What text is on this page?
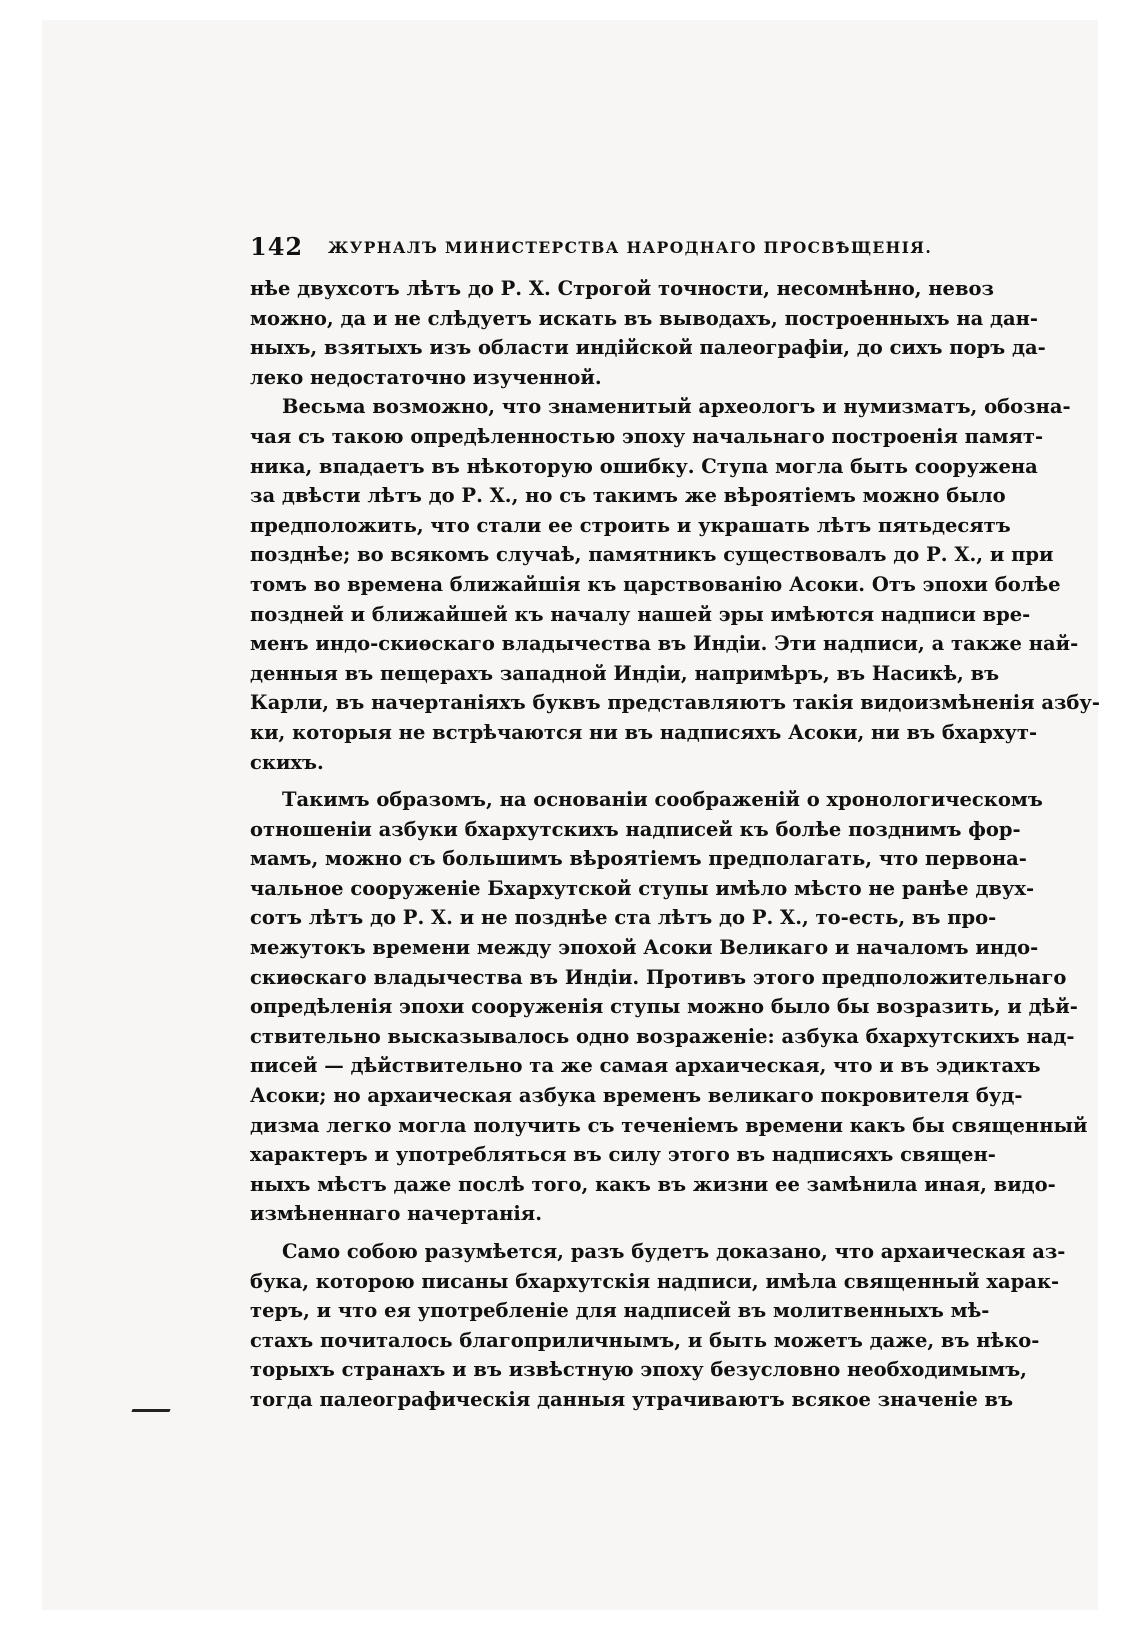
142 ЖУРНАЛЪ МИНИСТЕРСТВА НАРОДНАГО ПРОСВѢЩЕНІЯ.
нѣе двухсотъ лѣтъ до Р. Х. Строгой точности, несомнѣнно, невоз
можно, да и не слѣдуетъ искать въ выводахъ, построенныхъ на дан-
ныхъ, взятыхъ изъ области индійской палеографіи, до сихъ поръ да-
леко недостаточно изученной.
Весьма возможно, что знаменитый археологъ и нумизматъ, обознa-
чая съ такою опредѣленностью эпоху начальнаго построенія памят-
ника, впадаетъ въ нѣкоторую ошибку. Ступа могла быть сооружена
за двѣсти лѣтъ до Р. Х., но съ такимъ же вѣроятіемъ можно было
предположить, что стали ее строить и украшать лѣтъ пятьдесятъ
позднѣе; во всякомъ случаѣ, памятникъ существовалъ до Р. Х., и при
томъ во времена ближайшія къ царствованію Асоки. Отъ эпохи болѣе
поздней и ближайшей къ началу нашей эры имѣются надписи вре-
менъ индо-скиѳскаго владычества въ Индіи. Эти надписи, а также най-
денныя въ пещерахъ западной Индіи, напримѣръ, въ Насикѣ, въ
Карли, въ начертаніяхъ буквъ представляютъ такія видоизмѣненія азбу-
ки, которыя не встрѣчаются ни въ надписяхъ Асоки, ни въ бхархут-
скихъ.
Такимъ образомъ, на основаніи соображеній о хронологическомъ
отношеніи азбуки бхархутскихъ надписей къ болѣе позднимъ фор-
мамъ, можно съ большимъ вѣроятіемъ предполагать, что первона-
чальное сооруженіе Бхархутской ступы имѣло мѣсто не ранѣе двух-
сотъ лѣтъ до Р. Х. и не позднѣе ста лѣтъ до Р. Х., то-есть, въ про-
межутокъ времени между эпохой Асоки Великаго и началомъ индо-
скиѳскаго владычества въ Индіи. Противъ этого предположительнаго
опредѣленія эпохи сооруженія ступы можно было бы возразить, и дѣй-
ствительно высказывалось одно возраженіе: азбука бхархутскихъ над-
писей — дѣйствительно та же самая архаическая, что и въ эдиктахъ
Асоки; но архаическая азбука временъ великаго покровителя буд-
дизма легко могла получить съ теченіемъ времени какъ бы священный
характеръ и употребляться въ силу этого въ надписяхъ священ-
ныхъ мѣстъ даже послѣ того, какъ въ жизни ее замѣнила иная, видо-
измѣненнаго начертанія.
Само собою разумѣется, разъ будетъ доказано, что архаическая аз-
бука, которою писаны бхархутскія надписи, имѣла священный харак-
теръ, и что ея употребленіе для надписей въ молитвенныхъ мѣ-
стахъ почиталось благоприличнымъ, и быть можетъ даже, въ нѣко-
торыхъ странахъ и въ извѣстную эпоху безусловно необходимымъ,
тогда палеографическія данныя утрачиваютъ всякое значеніе въ
